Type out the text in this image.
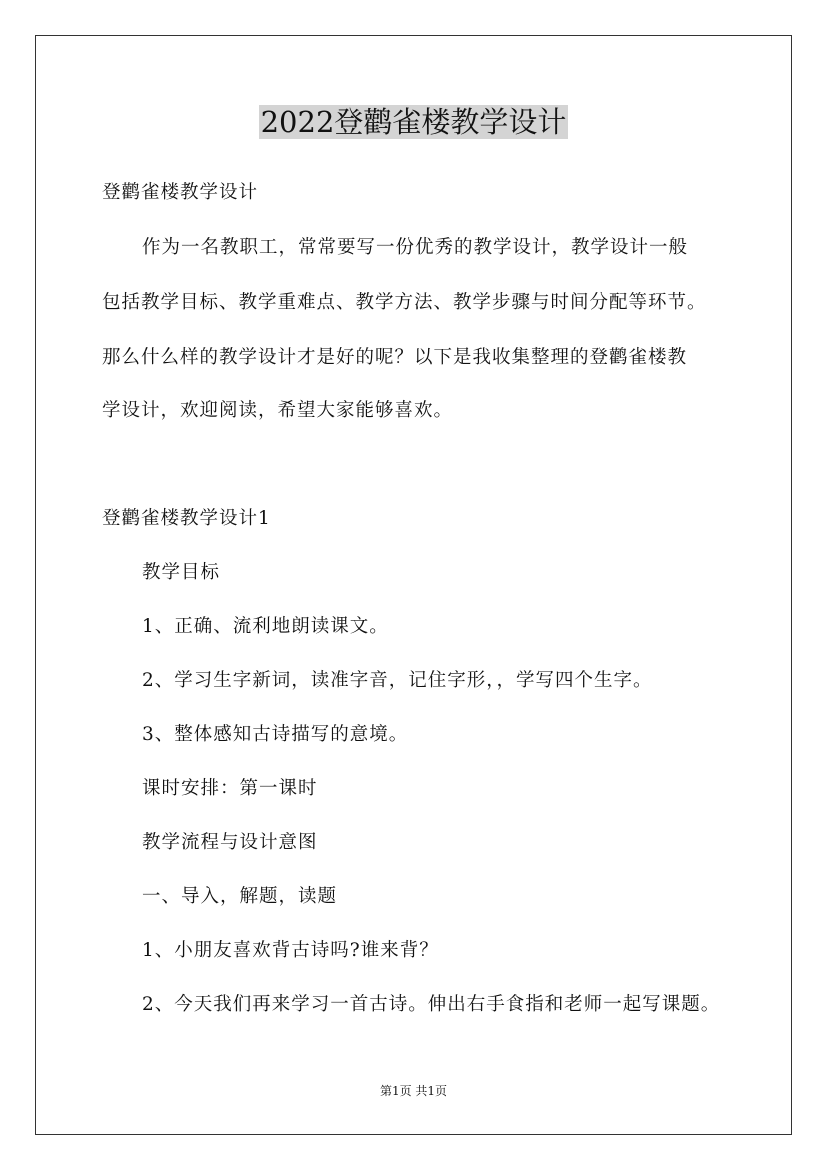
2022登鹳雀楼教学设计
登鹳雀楼教学设计
作为一名教职工，常常要写一份优秀的教学设计，教学设计一般
包括教学目标、教学重难点、教学方法、教学步骤与时间分配等环节。
那么什么样的教学设计才是好的呢？以下是我收集整理的登鹳雀楼教
学设计，欢迎阅读，希望大家能够喜欢。
登鹳雀楼教学设计1
教学目标
1、正确、流利地朗读课文。
2、学习生字新词，读准字音，记住字形，，学写四个生字。
3、整体感知古诗描写的意境。
课时安排：第一课时
教学流程与设计意图
一、导入，解题，读题
1、小朋友喜欢背古诗吗?谁来背？
2、今天我们再来学习一首古诗。伸出右手食指和老师一起写课题。
第1页 共1页
